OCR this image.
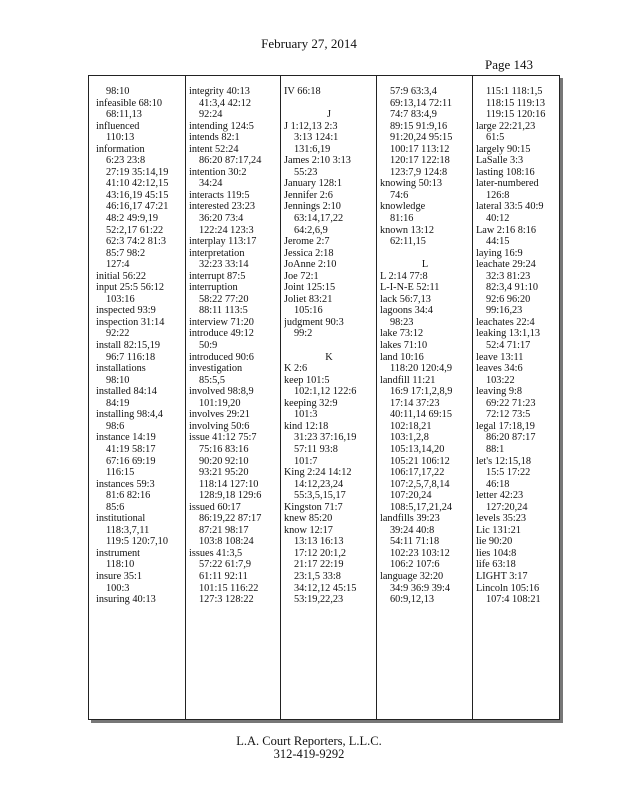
February 27, 2014
Page 143
98:10
infeasible 68:10
68:11,13
influenced
110:13
information
6:23 23:8
27:19 35:14,19
41:10 42:12,15
43:16,19 45:15
46:16,17 47:21
48:2 49:9,19
52:2,17 61:22
62:3 74:2 81:3
85:7 98:2
127:4
initial 56:22
input 25:5 56:12
103:16
inspected 93:9
inspection 31:14
92:22
install 82:15,19
96:7 116:18
installations
98:10
installed 84:14
84:19
installing 98:4,4
98:6
instance 14:19
41:19 58:17
67:16 69:19
116:15
instances 59:3
81:6 82:16
85:6
institutional
118:3,7,11
119:5 120:7,10
instrument
118:10
insure 35:1
100:3
insuring 40:13
integrity 40:13
41:3,4 42:12
92:24
intending 124:5
intends 82:1
intent 52:24
86:20 87:17,24
intention 30:2
34:24
interacts 119:5
interested 23:23
36:20 73:4
122:24 123:3
interplay 113:17
interpretation
32:23 33:14
interrupt 87:5
interruption
58:22 77:20
88:11 113:5
interview 71:20
introduce 49:12
50:9
introduced 90:6
investigation
85:5,5
involved 98:8,9
101:19,20
involves 29:21
involving 50:6
issue 41:12 75:7
75:16 83:16
90:20 92:10
93:21 95:20
118:14 127:10
128:9,18 129:6
issued 60:17
86:19,22 87:17
87:21 98:17
103:8 108:24
issues 41:3,5
57:22 61:7,9
61:11 92:11
101:15 116:22
127:3 128:22
IV 66:18
J
J 1:12,13 2:3
3:13 124:1
131:6,19
James 2:10 3:13
55:23
January 128:1
Jennifer 2:6
Jennings 2:10
63:14,17,22
64:2,6,9
Jerome 2:7
Jessica 2:18
JoAnne 2:10
Joe 72:1
Joint 125:15
Joliet 83:21
105:16
judgment 90:3
99:2
K
K 2:6
keep 101:5
102:1,12 122:6
keeping 32:9
101:3
kind 12:18
31:23 37:16,19
57:11 93:8
101:7
King 2:24 14:12
14:12,23,24
55:3,5,15,17
Kingston 71:7
knew 85:20
know 12:17
13:13 16:13
17:12 20:1,2
21:17 22:19
23:1,5 33:8
34:12,12 45:15
53:19,22,23
57:9 63:3,4
69:13,14 72:11
74:7 83:4,9
89:15 91:9,16
91:20,24 95:15
100:17 113:12
120:17 122:18
123:7,9 124:8
knowing 50:13
74:6
knowledge
81:16
known 13:12
62:11,15
L
L 2:14 77:8
L-I-N-E 52:11
lack 56:7,13
lagoons 34:4
98:23
lake 73:12
lakes 71:10
land 10:16
118:20 120:4,9
landfill 11:21
16:9 17:1,2,8,9
17:14 37:23
40:11,14 69:15
102:18,21
103:1,2,8
105:13,14,20
105:21 106:12
106:17,17,22
107:2,5,7,8,14
107:20,24
108:5,17,21,24
landfills 39:23
39:24 40:8
54:11 71:18
102:23 103:12
106:2 107:6
language 32:20
34:9 36:9 39:4
60:9,12,13
115:1 118:1,5
118:15 119:13
119:15 120:16
large 22:21,23
61:5
largely 90:15
LaSalle 3:3
lasting 108:16
later-numbered
126:8
lateral 33:5 40:9
40:12
Law 2:16 8:16
44:15
laying 16:9
leachate 29:24
32:3 81:23
82:3,4 91:10
92:6 96:20
99:16,23
leachates 22:4
leaking 13:1,13
52:4 71:17
leave 13:11
leaves 34:6
103:22
leaving 9:8
69:22 71:23
72:12 73:5
legal 17:18,19
86:20 87:17
88:1
let's 12:15,18
15:5 17:22
46:18
letter 42:23
127:20,24
levels 35:23
Lic 131:21
lie 90:20
lies 104:8
life 63:18
LIGHT 3:17
Lincoln 105:16
107:4 108:21
L.A. Court Reporters, L.L.C.
312-419-9292
